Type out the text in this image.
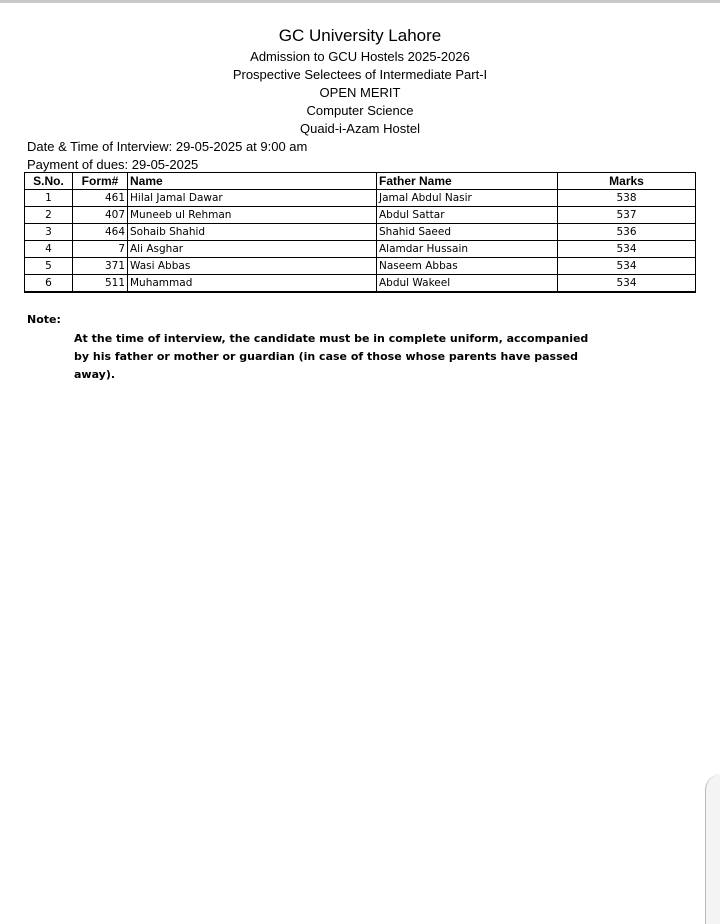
GC University Lahore
Admission to GCU Hostels 2025-2026
Prospective Selectees of Intermediate Part-I
OPEN MERIT
Computer Science
Quaid-i-Azam Hostel
Date & Time of Interview: 29-05-2025 at 9:00 am
Payment of dues: 29-05-2025
S.No.	Form#	Name	Father Name	Marks
1	461	Hilal Jamal Dawar	Jamal Abdul Nasir	538
2	407	Muneeb ul Rehman	Abdul Sattar	537
3	464	Sohaib Shahid	Shahid Saeed	536
4	7	Ali Asghar	Alamdar Hussain	534
5	371	Wasi Abbas	Naseem Abbas	534
6	511	Muhammad	Abdul Wakeel	534
Note:
At the time of interview, the candidate must be in complete uniform, accompanied by his father or mother or guardian (in case of those whose parents have passed away).
